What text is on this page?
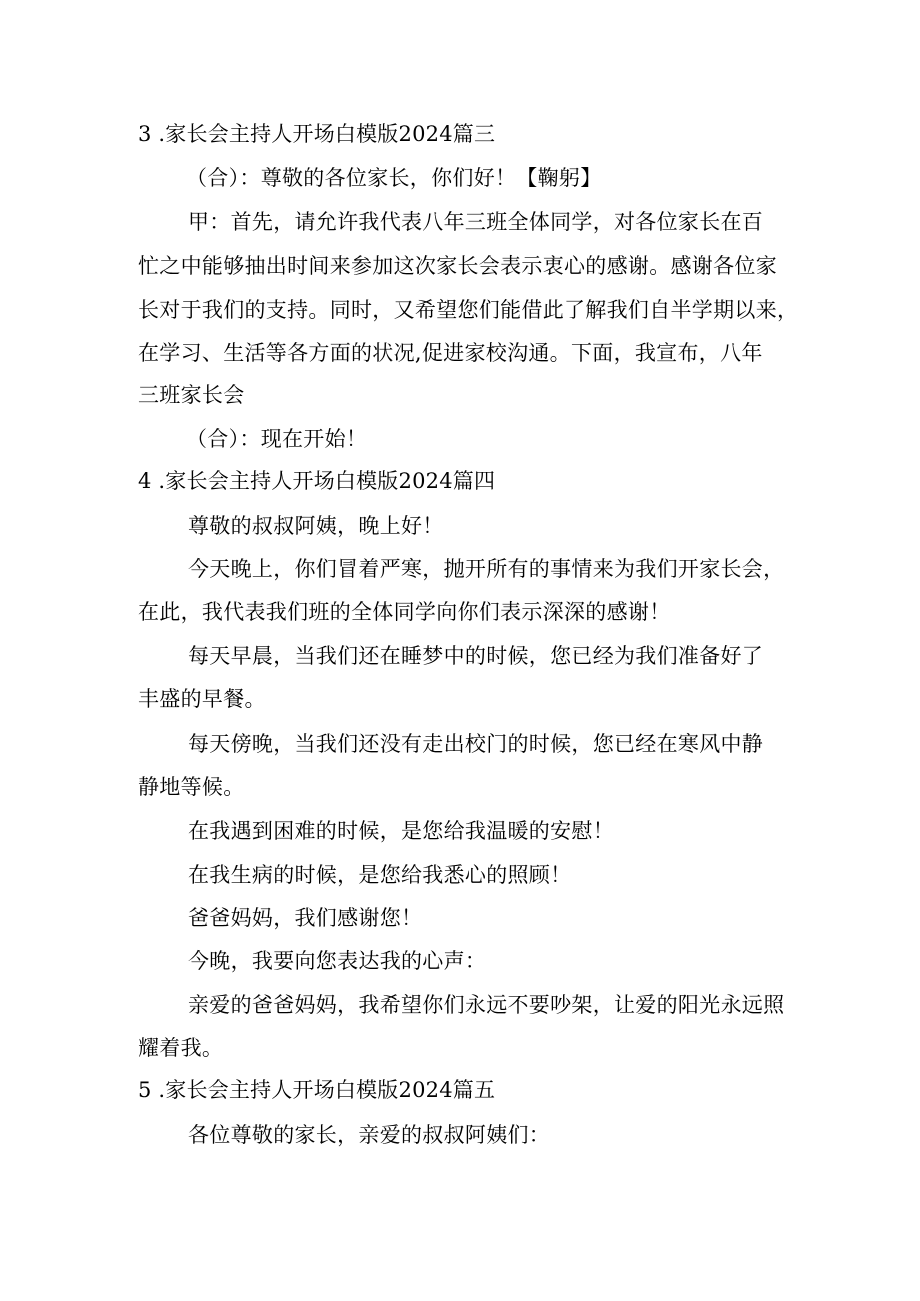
3 .家长会主持人开场白模版2024篇三
（合）：尊敬的各位家长，你们好！【鞠躬】
甲：首先，请允许我代表八年三班全体同学，对各位家长在百
忙之中能够抽出时间来参加这次家长会表示衷心的感谢。感谢各位家
长对于我们的支持。同时，又希望您们能借此了解我们自半学期以来，
在学习、生活等各方面的状况,促进家校沟通。下面，我宣布，八年
三班家长会
（合）：现在开始！
4 .家长会主持人开场白模版2024篇四
尊敬的叔叔阿姨，晚上好！
今天晚上，你们冒着严寒，抛开所有的事情来为我们开家长会，
在此，我代表我们班的全体同学向你们表示深深的感谢！
每天早晨，当我们还在睡梦中的时候，您已经为我们准备好了
丰盛的早餐。
每天傍晚，当我们还没有走出校门的时候，您已经在寒风中静
静地等候。
在我遇到困难的时候，是您给我温暖的安慰！
在我生病的时候，是您给我悉心的照顾！
爸爸妈妈，我们感谢您！
今晚，我要向您表达我的心声：
亲爱的爸爸妈妈，我希望你们永远不要吵架，让爱的阳光永远照
耀着我。
5 .家长会主持人开场白模版2024篇五
各位尊敬的家长，亲爱的叔叔阿姨们：
